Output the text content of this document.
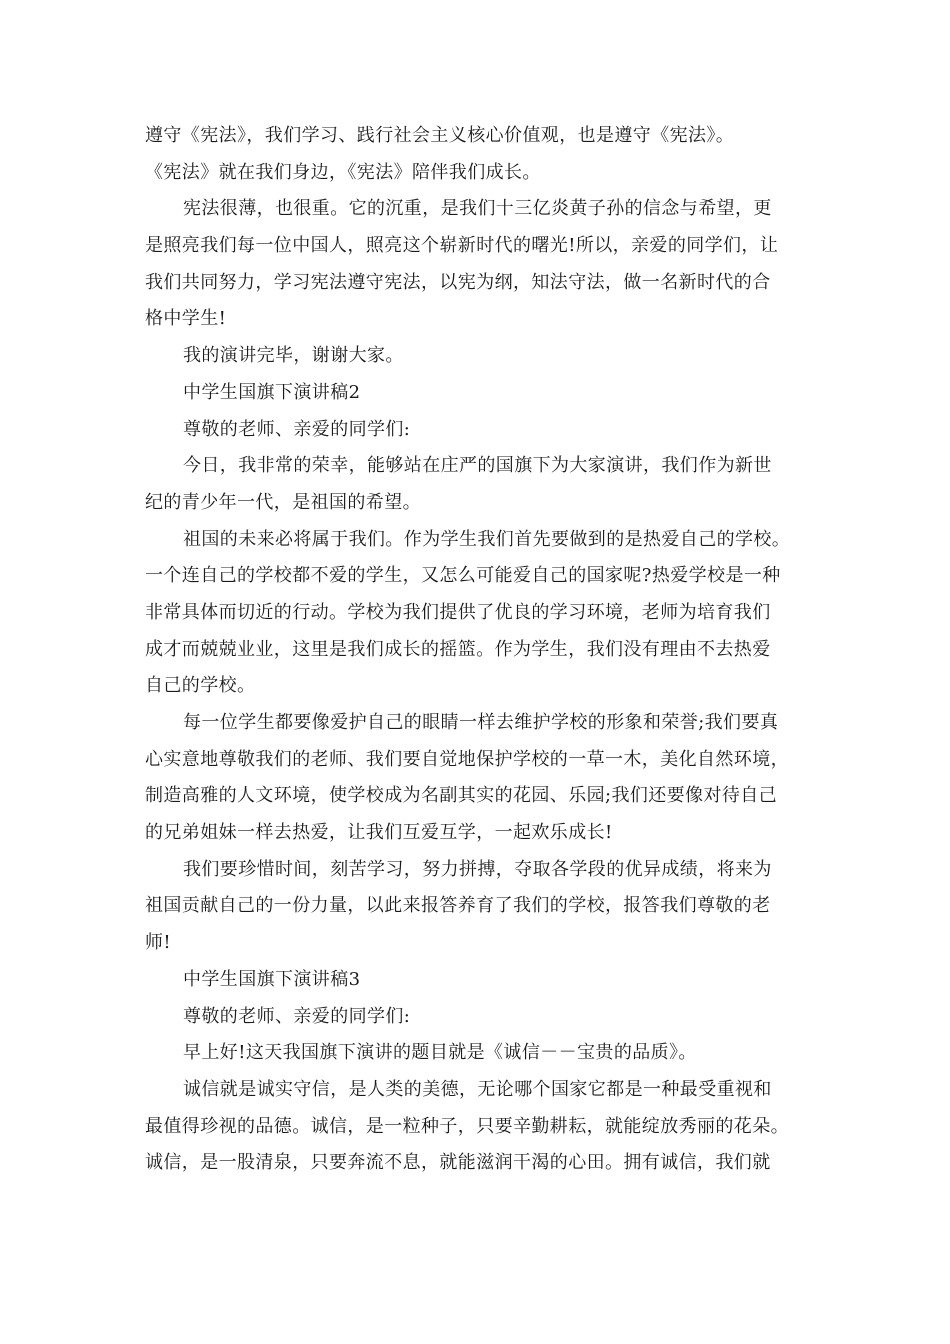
遵守《宪法》，我们学习、践行社会主义核心价值观，也是遵守《宪法》。
《宪法》就在我们身边，《宪法》陪伴我们成长。
宪法很薄，也很重。它的沉重，是我们十三亿炎黄子孙的信念与希望，更
是照亮我们每一位中国人，照亮这个崭新时代的曙光!所以，亲爱的同学们，让
我们共同努力，学习宪法遵守宪法，以宪为纲，知法守法，做一名新时代的合
格中学生!
我的演讲完毕，谢谢大家。
中学生国旗下演讲稿2
尊敬的老师、亲爱的同学们:
今日，我非常的荣幸，能够站在庄严的国旗下为大家演讲，我们作为新世
纪的青少年一代，是祖国的希望。
祖国的未来必将属于我们。作为学生我们首先要做到的是热爱自己的学校。
一个连自己的学校都不爱的学生，又怎么可能爱自己的国家呢?热爱学校是一种
非常具体而切近的行动。学校为我们提供了优良的学习环境，老师为培育我们
成才而兢兢业业，这里是我们成长的摇篮。作为学生，我们没有理由不去热爱
自己的学校。
每一位学生都要像爱护自己的眼睛一样去维护学校的形象和荣誉;我们要真
心实意地尊敬我们的老师、我们要自觉地保护学校的一草一木，美化自然环境，
制造高雅的人文环境，使学校成为名副其实的花园、乐园;我们还要像对待自己
的兄弟姐妹一样去热爱，让我们互爱互学，一起欢乐成长!
我们要珍惜时间，刻苦学习，努力拼搏，夺取各学段的优异成绩，将来为
祖国贡献自己的一份力量，以此来报答养育了我们的学校，报答我们尊敬的老
师!
中学生国旗下演讲稿3
尊敬的老师、亲爱的同学们:
早上好!这天我国旗下演讲的题目就是《诚信－－宝贵的品质》。
诚信就是诚实守信，是人类的美德，无论哪个国家它都是一种最受重视和
最值得珍视的品德。诚信，是一粒种子，只要辛勤耕耘，就能绽放秀丽的花朵。
诚信，是一股清泉，只要奔流不息，就能滋润干渴的心田。拥有诚信，我们就
